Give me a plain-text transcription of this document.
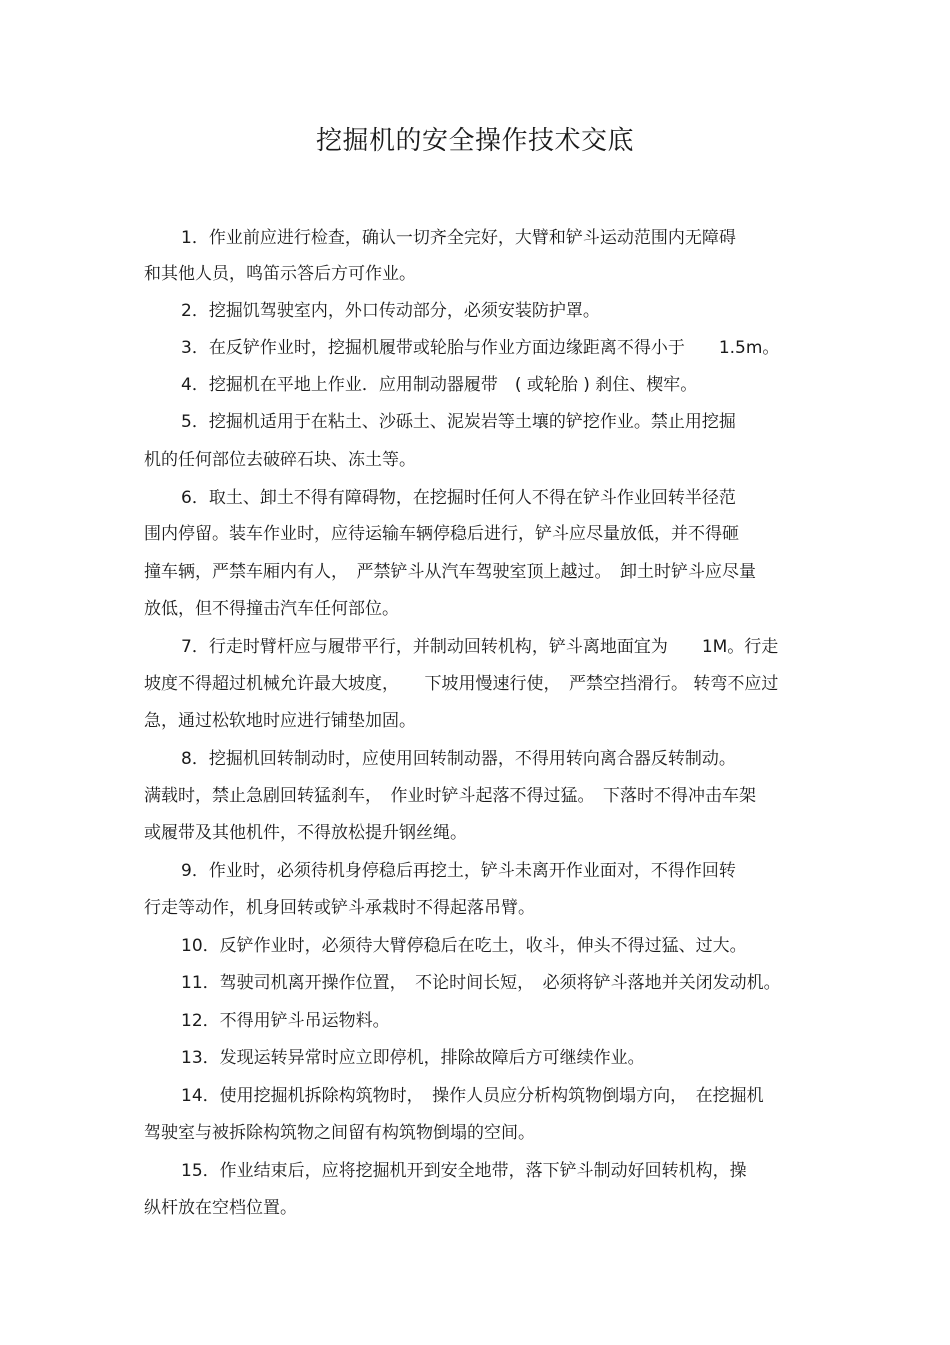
挖掘机的安全操作技术交底

1．作业前应进行检查，确认一切齐全完好，大臂和铲斗运动范围内无障碍

和其他人员，鸣笛示答后方可作业。

2．挖掘饥驾驶室内，外口传动部分，必须安装防护罩。

3．在反铲作业时，挖掘机履带或轮胎与作业方面边缘距离不得小于　　1.5m。

4．挖掘机在平地上作业．应用制动器履带　( 或轮胎 ) 刹住、楔牢。

5．挖掘机适用于在粘土、沙砾土、泥炭岩等土壤的铲挖作业。禁止用挖掘

机的任何部位去破碎石块、冻土等。

6．取土、卸土不得有障碍物，在挖掘时任何人不得在铲斗作业回转半径范

围内停留。装车作业时，应待运输车辆停稳后进行，铲斗应尽量放低，并不得砸

撞车辆，严禁车厢内有人，　严禁铲斗从汽车驾驶室顶上越过。　卸土时铲斗应尽量

放低，但不得撞击汽车任何部位。

7．行走时臂杆应与履带平行，并制动回转机构，铲斗离地面宜为　　1M。行走

坡度不得超过机械允许最大坡度，　　下坡用慢速行使，　严禁空挡滑行。 转弯不应过

急，通过松软地时应进行铺垫加固。

8．挖掘机回转制动时，应使用回转制动器，不得用转向离合器反转制动。

满载时，禁止急剧回转猛刹车，　作业时铲斗起落不得过猛。　下落时不得冲击车架

或履带及其他机件，不得放松提升钢丝绳。

9．作业时，必须待机身停稳后再挖土，铲斗未离开作业面对，不得作回转

行走等动作，机身回转或铲斗承栽时不得起落吊臂。

10．反铲作业时，必须待大臂停稳后在吃土，收斗，伸头不得过猛、过大。

11．驾驶司机离开操作位置，　不论时间长短，　必须将铲斗落地并关闭发动机。

12．不得用铲斗吊运物料。

13．发现运转异常时应立即停机，排除故障后方可继续作业。

14．使用挖掘机拆除构筑物时，　操作人员应分析构筑物倒塌方向，　在挖掘机

驾驶室与被拆除构筑物之间留有构筑物倒塌的空间。

15．作业结束后，应将挖掘机开到安全地带，落下铲斗制动好回转机构，操

纵杆放在空档位置。
